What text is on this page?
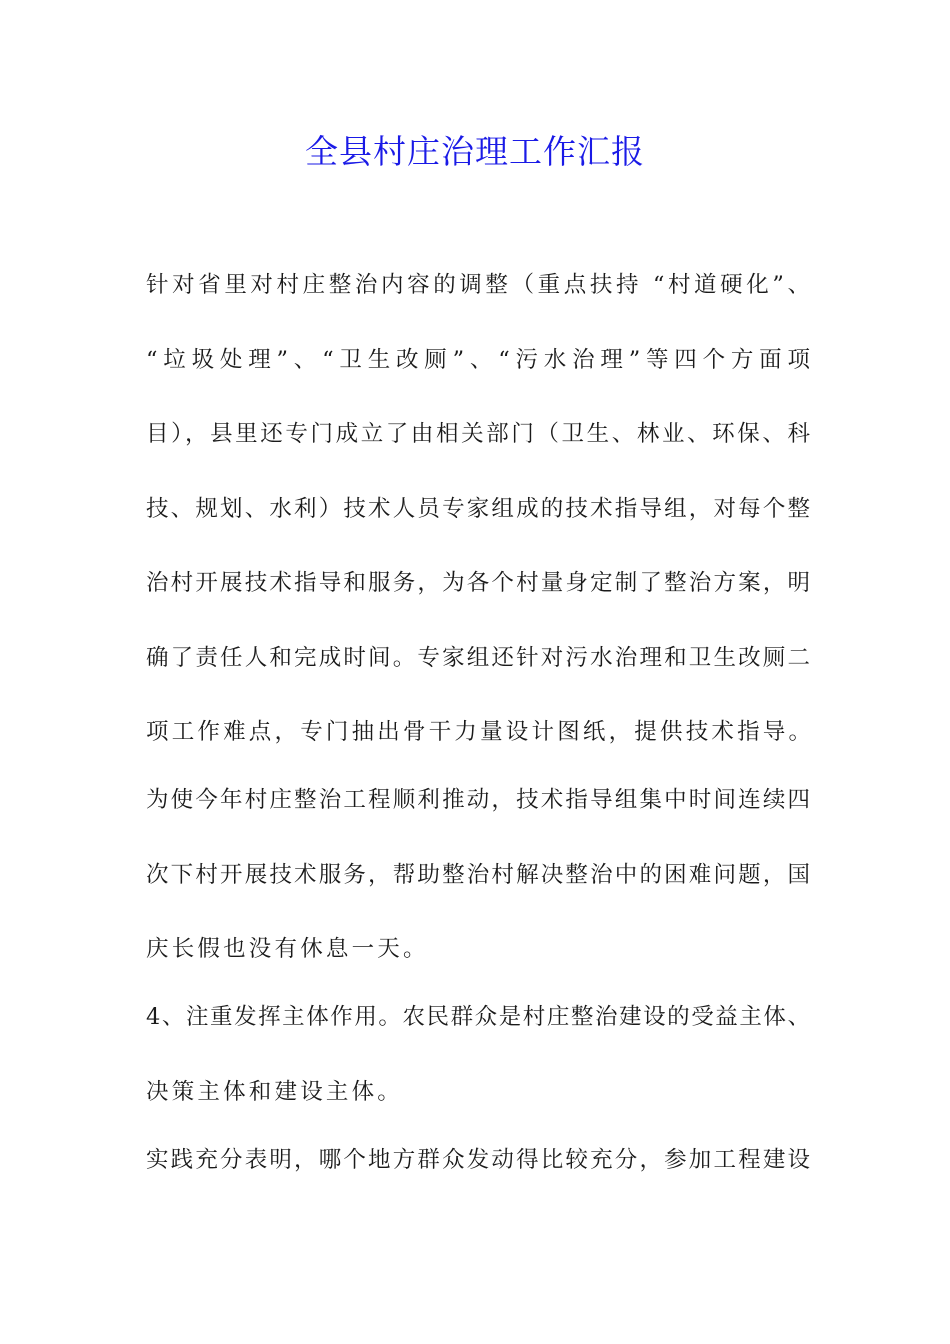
全县村庄治理工作汇报
针对省里对村庄整治内容的调整（重点扶持 “村道硬化”、
“垃圾处理”、“卫生改厕”、“污水治理”等四个方面项
目），县里还专门成立了由相关部门（卫生、林业、环保、科
技、规划、水利）技术人员专家组成的技术指导组，对每个整
治村开展技术指导和服务，为各个村量身定制了整治方案，明
确了责任人和完成时间。专家组还针对污水治理和卫生改厕二
项工作难点，专门抽出骨干力量设计图纸，提供技术指导。
为使今年村庄整治工程顺利推动，技术指导组集中时间连续四
次下村开展技术服务，帮助整治村解决整治中的困难问题，国
庆长假也没有休息一天。
4、注重发挥主体作用。农民群众是村庄整治建设的受益主体、
决策主体和建设主体。
实践充分表明，哪个地方群众发动得比较充分，参加工程建设
